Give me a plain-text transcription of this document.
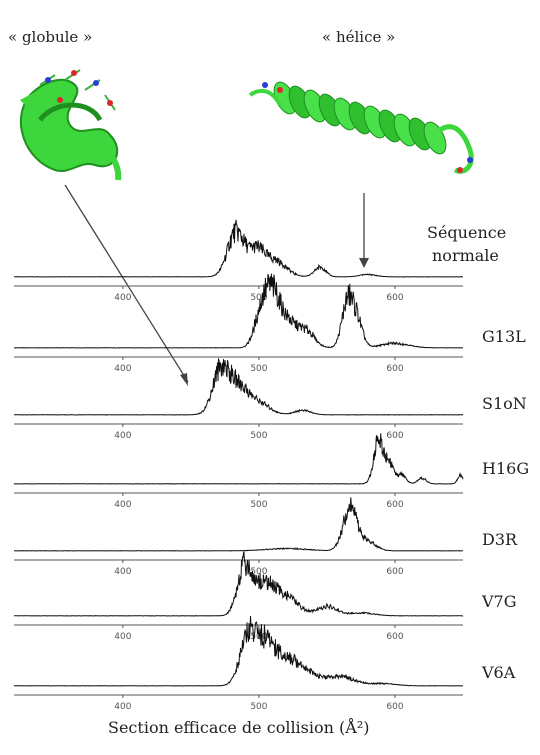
400	500	600
400	500	600
400	500	600
400	500	600
400	500	600
400	500	600
400	500	600
« globule »	« hélice »
Séquence
normale
G13L
S1oN
H16G
D3R
V7G
V6A
Section efficace de collision (Å²)
